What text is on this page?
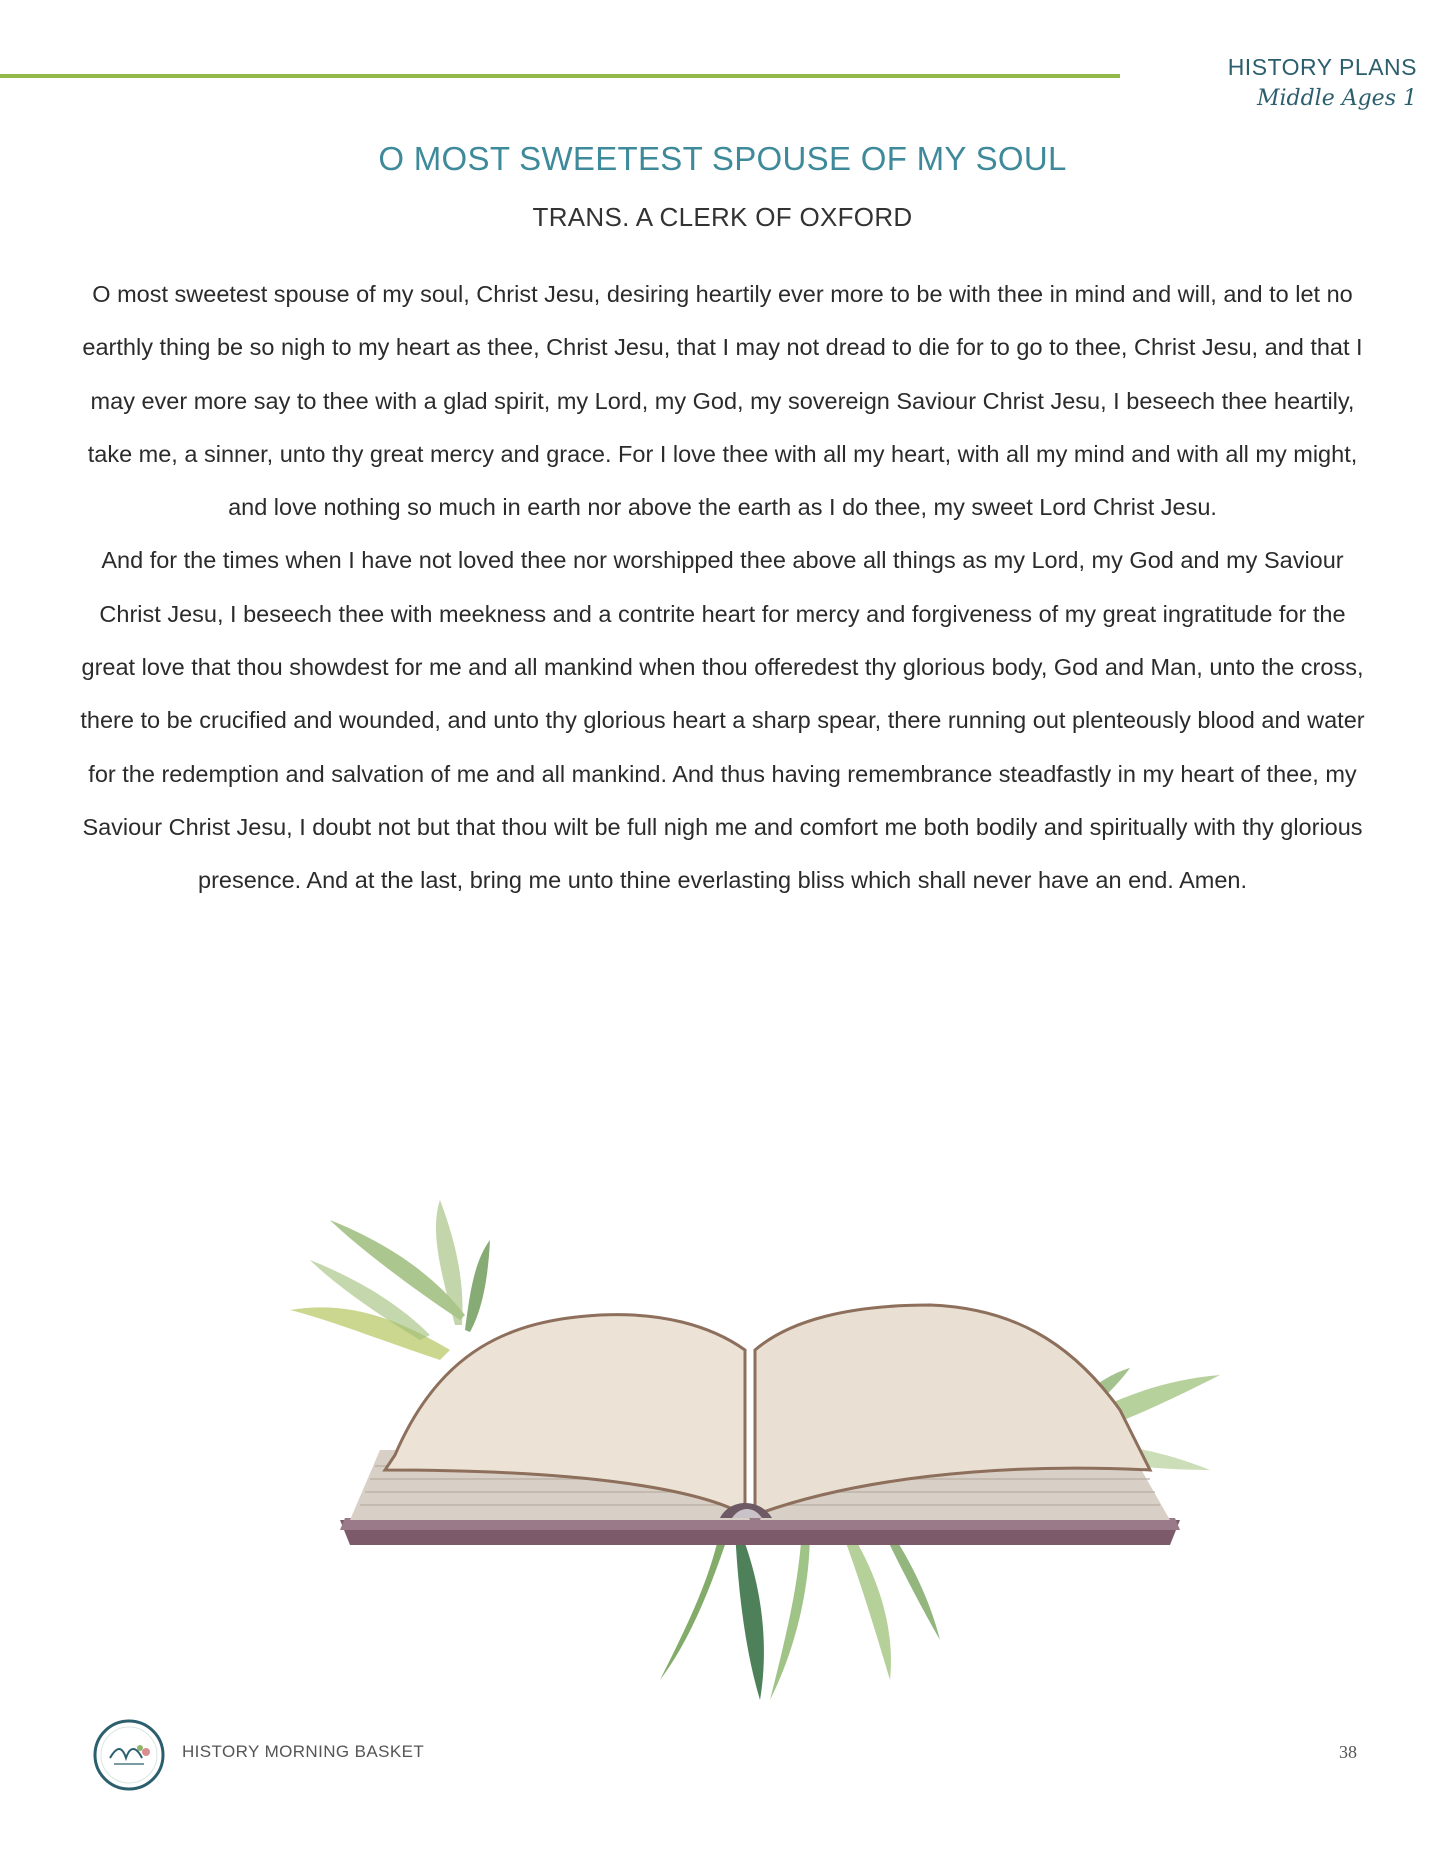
HISTORY PLANS
Middle Ages 1
O MOST SWEETEST SPOUSE OF MY SOUL
TRANS. A CLERK OF OXFORD

O most sweetest spouse of my soul, Christ Jesu, desiring heartily ever more to be with thee in mind and will, and to let no earthly thing be so nigh to my heart as thee, Christ Jesu, that I may not dread to die for to go to thee, Christ Jesu, and that I may ever more say to thee with a glad spirit, my Lord, my God, my sovereign Saviour Christ Jesu, I beseech thee heartily, take me, a sinner, unto thy great mercy and grace. For I love thee with all my heart, with all my mind and with all my might, and love nothing so much in earth nor above the earth as I do thee, my sweet Lord Christ Jesu.

And for the times when I have not loved thee nor worshipped thee above all things as my Lord, my God and my Saviour Christ Jesu, I beseech thee with meekness and a contrite heart for mercy and forgiveness of my great ingratitude for the great love that thou showdest for me and all mankind when thou offeredest thy glorious body, God and Man, unto the cross, there to be crucified and wounded, and unto thy glorious heart a sharp spear, there running out plenteously blood and water for the redemption and salvation of me and all mankind. And thus having remembrance steadfastly in my heart of thee, my Saviour Christ Jesu, I doubt not but that thou wilt be full nigh me and comfort me both bodily and spiritually with thy glorious presence. And at the last, bring me unto thine everlasting bliss which shall never have an end. Amen.

HISTORY MORNING BASKET	38
